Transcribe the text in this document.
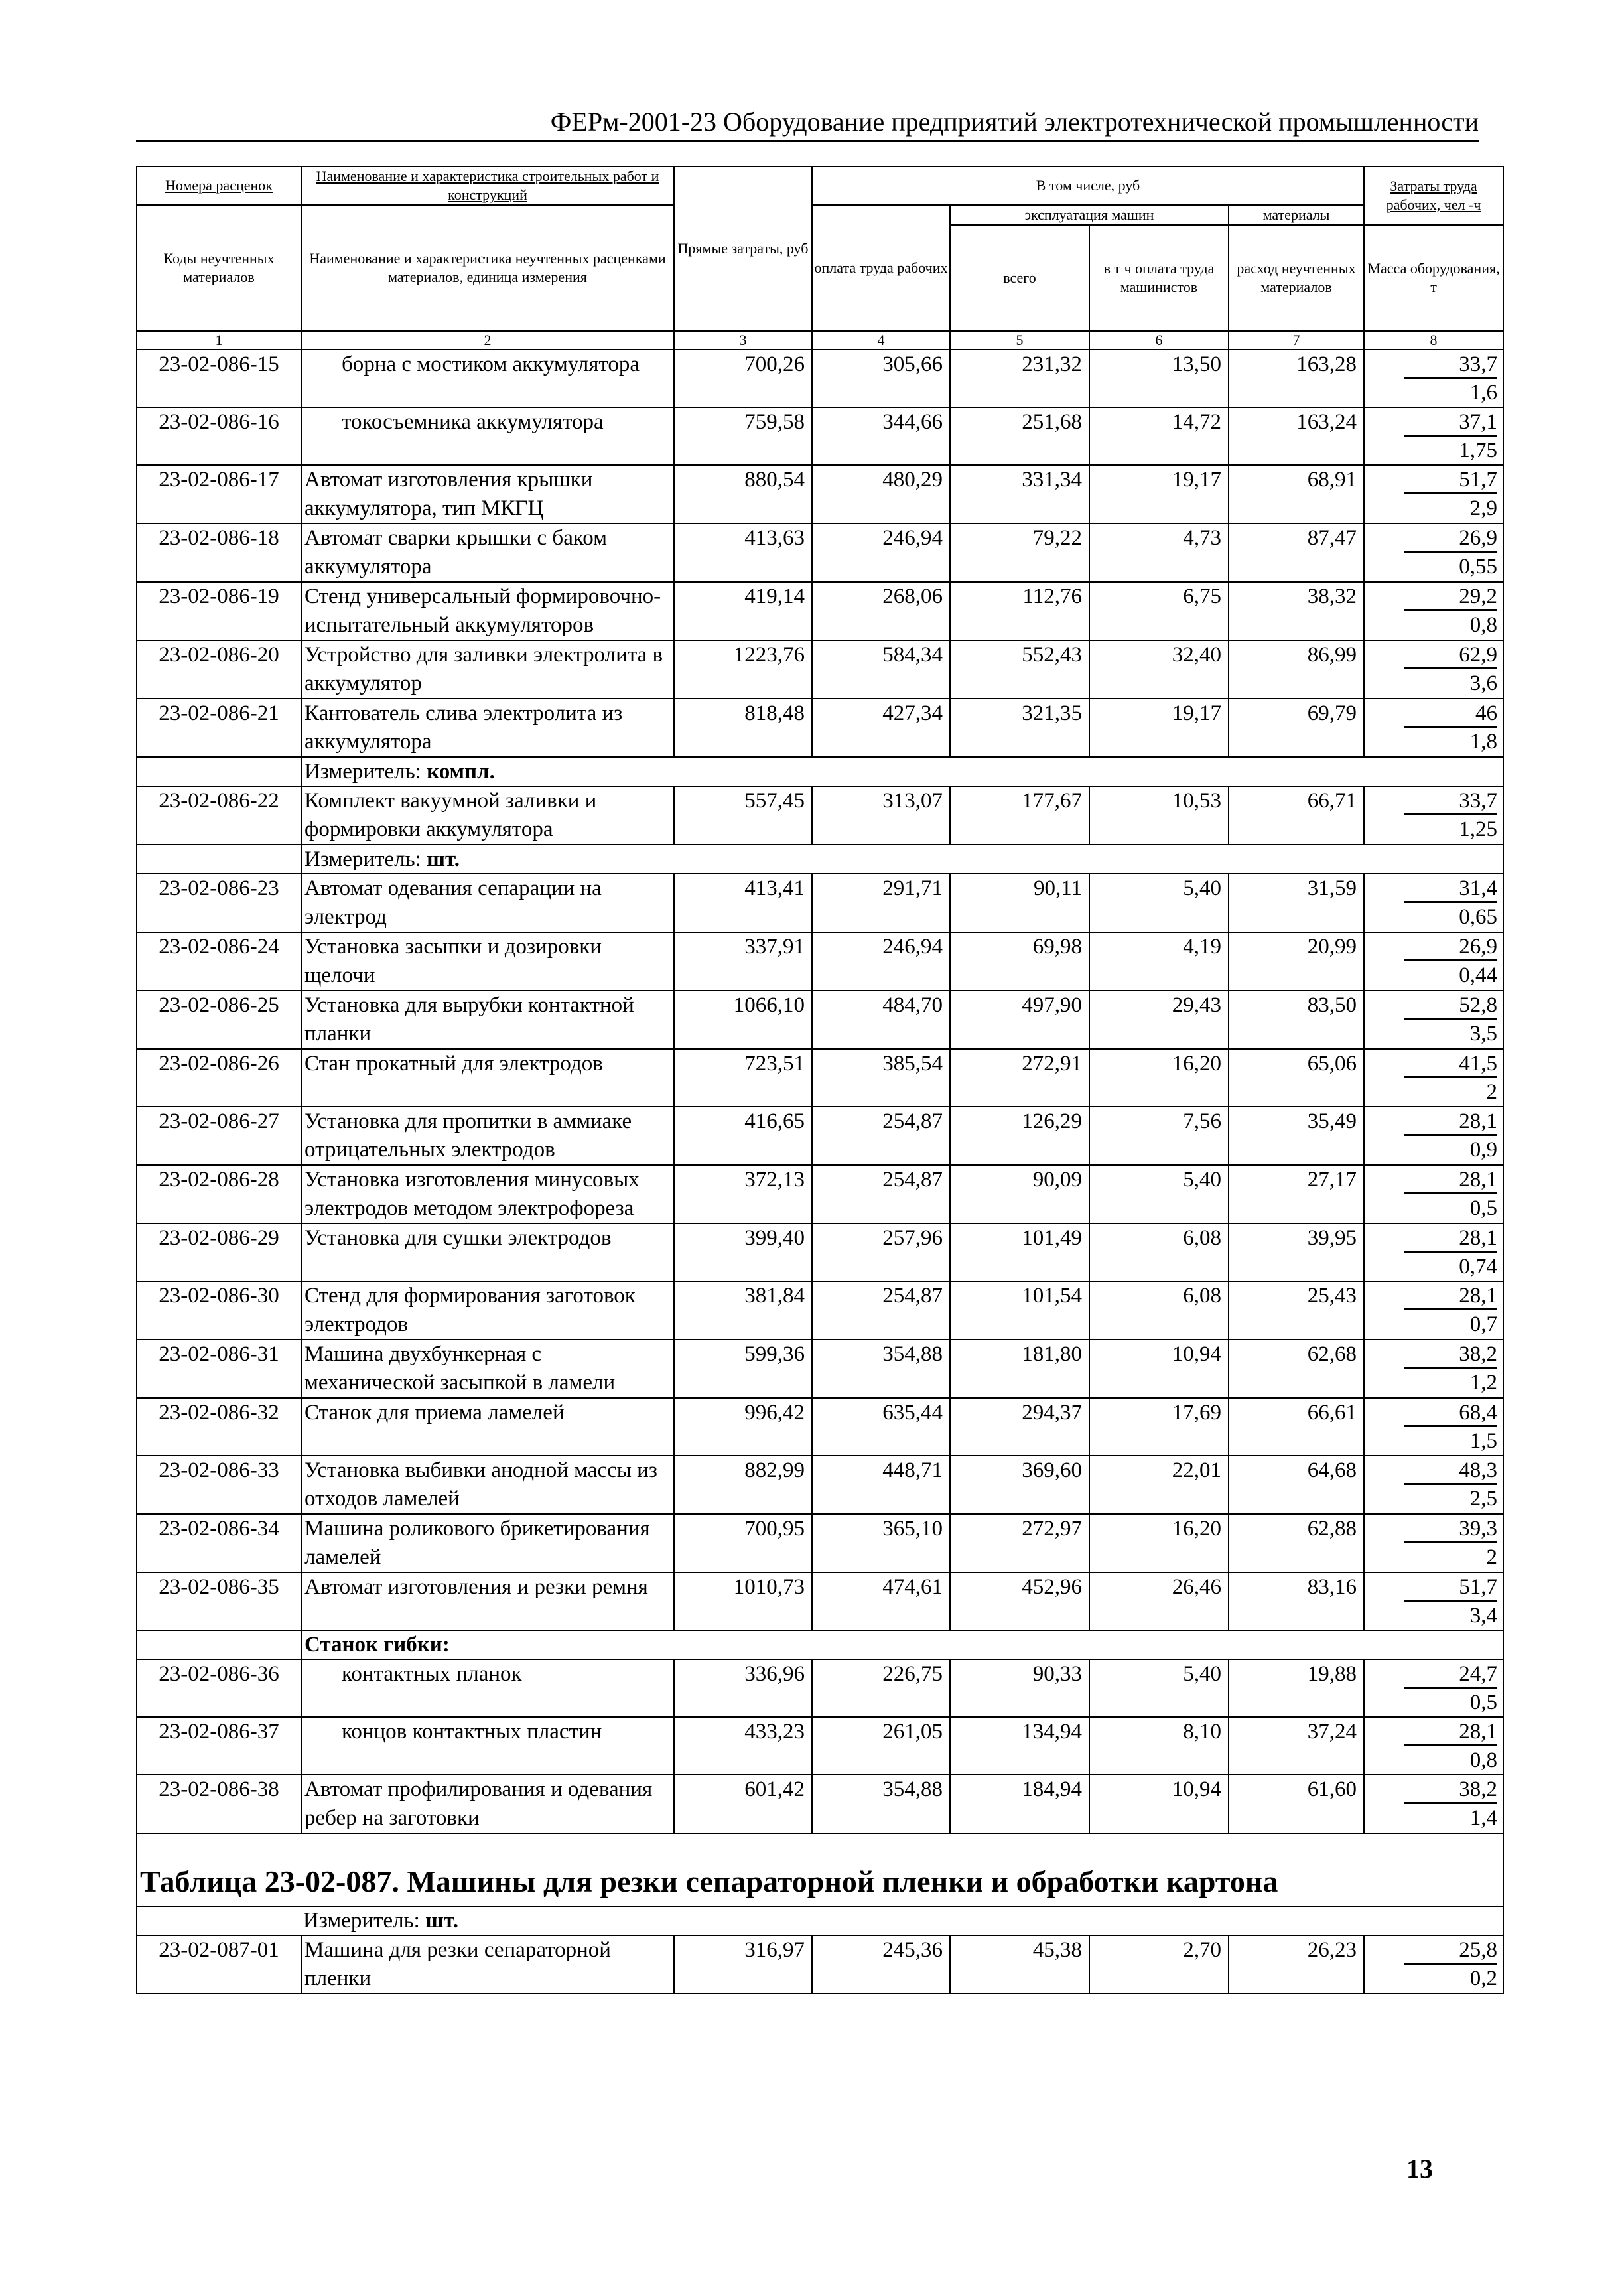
ФЕРм-2001-23 Оборудование предприятий электротехнической промышленности
Номера расценок	Наименование и характеристика строительных работ и конструкций	Прямые затраты, руб	В том числе, руб				Затраты труда рабочих, чел -ч
Коды неучтенных материалов	Наименование и характеристика неучтенных расценками материалов, единица измерения		оплата труда рабочих	эксплуатация машин		материалы	
				всего	в т ч оплата труда машинистов	расход неучтенных материалов	Масса оборудования, т
1	2	3	4	5	6	7	8
23-02-086-15	борна с мостиком аккумулятора	700,26	305,66	231,32	13,50	163,28	33,7
1,6

23-02-086-16	токосъемника аккумулятора	759,58	344,66	251,68	14,72	163,24	37,1
1,75

23-02-086-17	Автомат изготовления крышки аккумулятора, тип МКГЦ	880,54	480,29	331,34	19,17	68,91	51,7
2,9

23-02-086-18	Автомат сварки крышки с баком аккумулятора	413,63	246,94	79,22	4,73	87,47	26,9
0,55

23-02-086-19	Стенд универсальный формировочно-испытательный аккумуляторов	419,14	268,06	112,76	6,75	38,32	29,2
0,8

23-02-086-20	Устройство для заливки электролита в аккумулятор	1223,76	584,34	552,43	32,40	86,99	62,9
3,6

23-02-086-21	Кантователь слива электролита из аккумулятора	818,48	427,34	321,35	19,17	69,79	46
1,8

	Измеритель: компл.						
23-02-086-22	Комплект вакуумной заливки и формировки аккумулятора	557,45	313,07	177,67	10,53	66,71	33,7
1,25

	Измеритель: шт.						
23-02-086-23	Автомат одевания сепарации на электрод	413,41	291,71	90,11	5,40	31,59	31,4
0,65

23-02-086-24	Установка засыпки и дозировки щелочи	337,91	246,94	69,98	4,19	20,99	26,9
0,44

23-02-086-25	Установка для вырубки контактной планки	1066,10	484,70	497,90	29,43	83,50	52,8
3,5

23-02-086-26	Стан прокатный для электродов	723,51	385,54	272,91	16,20	65,06	41,5
2

23-02-086-27	Установка для пропитки в аммиаке отрицательных электродов	416,65	254,87	126,29	7,56	35,49	28,1
0,9

23-02-086-28	Установка изготовления минусовых электродов методом электрофореза	372,13	254,87	90,09	5,40	27,17	28,1
0,5

23-02-086-29	Установка для сушки электродов	399,40	257,96	101,49	6,08	39,95	28,1
0,74

23-02-086-30	Стенд для формирования заготовок электродов	381,84	254,87	101,54	6,08	25,43	28,1
0,7

23-02-086-31	Машина двухбункерная с механической засыпкой в ламели	599,36	354,88	181,80	10,94	62,68	38,2
1,2

23-02-086-32	Станок для приема ламелей	996,42	635,44	294,37	17,69	66,61	68,4
1,5

23-02-086-33	Установка выбивки анодной массы из отходов ламелей	882,99	448,71	369,60	22,01	64,68	48,3
2,5

23-02-086-34	Машина роликового брикетирования ламелей	700,95	365,10	272,97	16,20	62,88	39,3
2

23-02-086-35	Автомат изготовления и резки ремня	1010,73	474,61	452,96	26,46	83,16	51,7
3,4

	Станок гибки:						
23-02-086-36	контактных планок	336,96	226,75	90,33	5,40	19,88	24,7
0,5

23-02-086-37	концов контактных пластин	433,23	261,05	134,94	8,10	37,24	28,1
0,8

23-02-086-38	Автомат профилирования и одевания ребер на заготовки	601,42	354,88	184,94	10,94	61,60	38,2
1,4

Таблица 23-02-087. Машины для резки сепараторной пленки и обработки картона							
Измеритель: шт.							
23-02-087-01	Машина для резки сепараторной пленки	316,97	245,36	45,38	2,70	26,23	25,8
0,2
13
